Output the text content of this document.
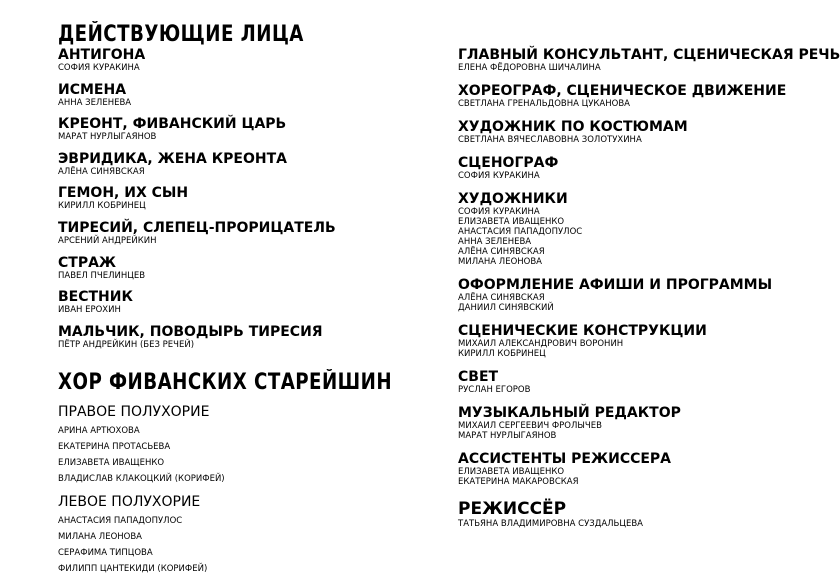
ДЕЙСТВУЮЩИЕ ЛИЦА
АНТИГОНА
СОФИЯ КУРАКИНА
ИСМЕНА
АННА ЗЕЛЕНЕВА
КРЕОНТ, ФИВАНСКИЙ ЦАРЬ
МАРАТ НУРЛЫГАЯНОВ
ЭВРИДИКА, ЖЕНА КРЕОНТА
АЛЁНА СИНЯВСКАЯ
ГЕМОН, ИХ СЫН
КИРИЛЛ КОБРИНЕЦ
ТИРЕСИЙ, СЛЕПЕЦ-ПРОРИЦАТЕЛЬ
АРСЕНИЙ АНДРЕЙКИН
СТРАЖ
ПАВЕЛ ПЧЕЛИНЦЕВ
ВЕСТНИК
ИВАН ЕРОХИН
МАЛЬЧИК, ПОВОДЫРЬ ТИРЕСИЯ
ПЁТР АНДРЕЙКИН (БЕЗ РЕЧЕЙ)
ХОР ФИВАНСКИХ СТАРЕЙШИН
ПРАВОЕ ПОЛУХОРИЕ
АРИНА АРТЮХОВА
ЕКАТЕРИНА ПРОТАСЬЕВА
ЕЛИЗАВЕТА ИВАЩЕНКО
ВЛАДИСЛАВ КЛАКОЦКИЙ (КОРИФЕЙ)
ЛЕВОЕ ПОЛУХОРИЕ
АНАСТАСИЯ ПАПАДОПУЛОС
МИЛАНА ЛЕОНОВА
СЕРАФИМА ТИПЦОВА
ФИЛИПП ЦАНТЕКИДИ (КОРИФЕЙ)
ГЛАВНЫЙ КОНСУЛЬТАНТ, СЦЕНИЧЕСКАЯ РЕЧЬ
ЕЛЕНА ФЁДОРОВНА ШИЧАЛИНА
ХОРЕОГРАФ, СЦЕНИЧЕСКОЕ ДВИЖЕНИЕ
СВЕТЛАНА ГРЕНАЛЬДОВНА ЦУКАНОВА
ХУДОЖНИК ПО КОСТЮМАМ
СВЕТЛАНА ВЯЧЕСЛАВОВНА ЗОЛОТУХИНА
СЦЕНОГРАФ
СОФИЯ КУРАКИНА
ХУДОЖНИКИ
СОФИЯ КУРАКИНА
ЕЛИЗАВЕТА ИВАЩЕНКО
АНАСТАСИЯ ПАПАДОПУЛОС
АННА ЗЕЛЕНЕВА
АЛЁНА СИНЯВСКАЯ
МИЛАНА ЛЕОНОВА
ОФОРМЛЕНИЕ АФИШИ И ПРОГРАММЫ
АЛЁНА СИНЯВСКАЯ
ДАНИИЛ СИНЯВСКИЙ
СЦЕНИЧЕСКИЕ КОНСТРУКЦИИ
МИХАИЛ АЛЕКСАНДРОВИЧ ВОРОНИН
КИРИЛЛ КОБРИНЕЦ
СВЕТ
РУСЛАН ЕГОРОВ
МУЗЫКАЛЬНЫЙ РЕДАКТОР
МИХАИЛ СЕРГЕЕВИЧ ФРОЛЫЧЕВ
МАРАТ НУРЛЫГАЯНОВ
АССИСТЕНТЫ РЕЖИССЕРА
ЕЛИЗАВЕТА ИВАЩЕНКО
ЕКАТЕРИНА МАКАРОВСКАЯ
РЕЖИССЁР
ТАТЬЯНА ВЛАДИМИРОВНА СУЗДАЛЬЦЕВА
